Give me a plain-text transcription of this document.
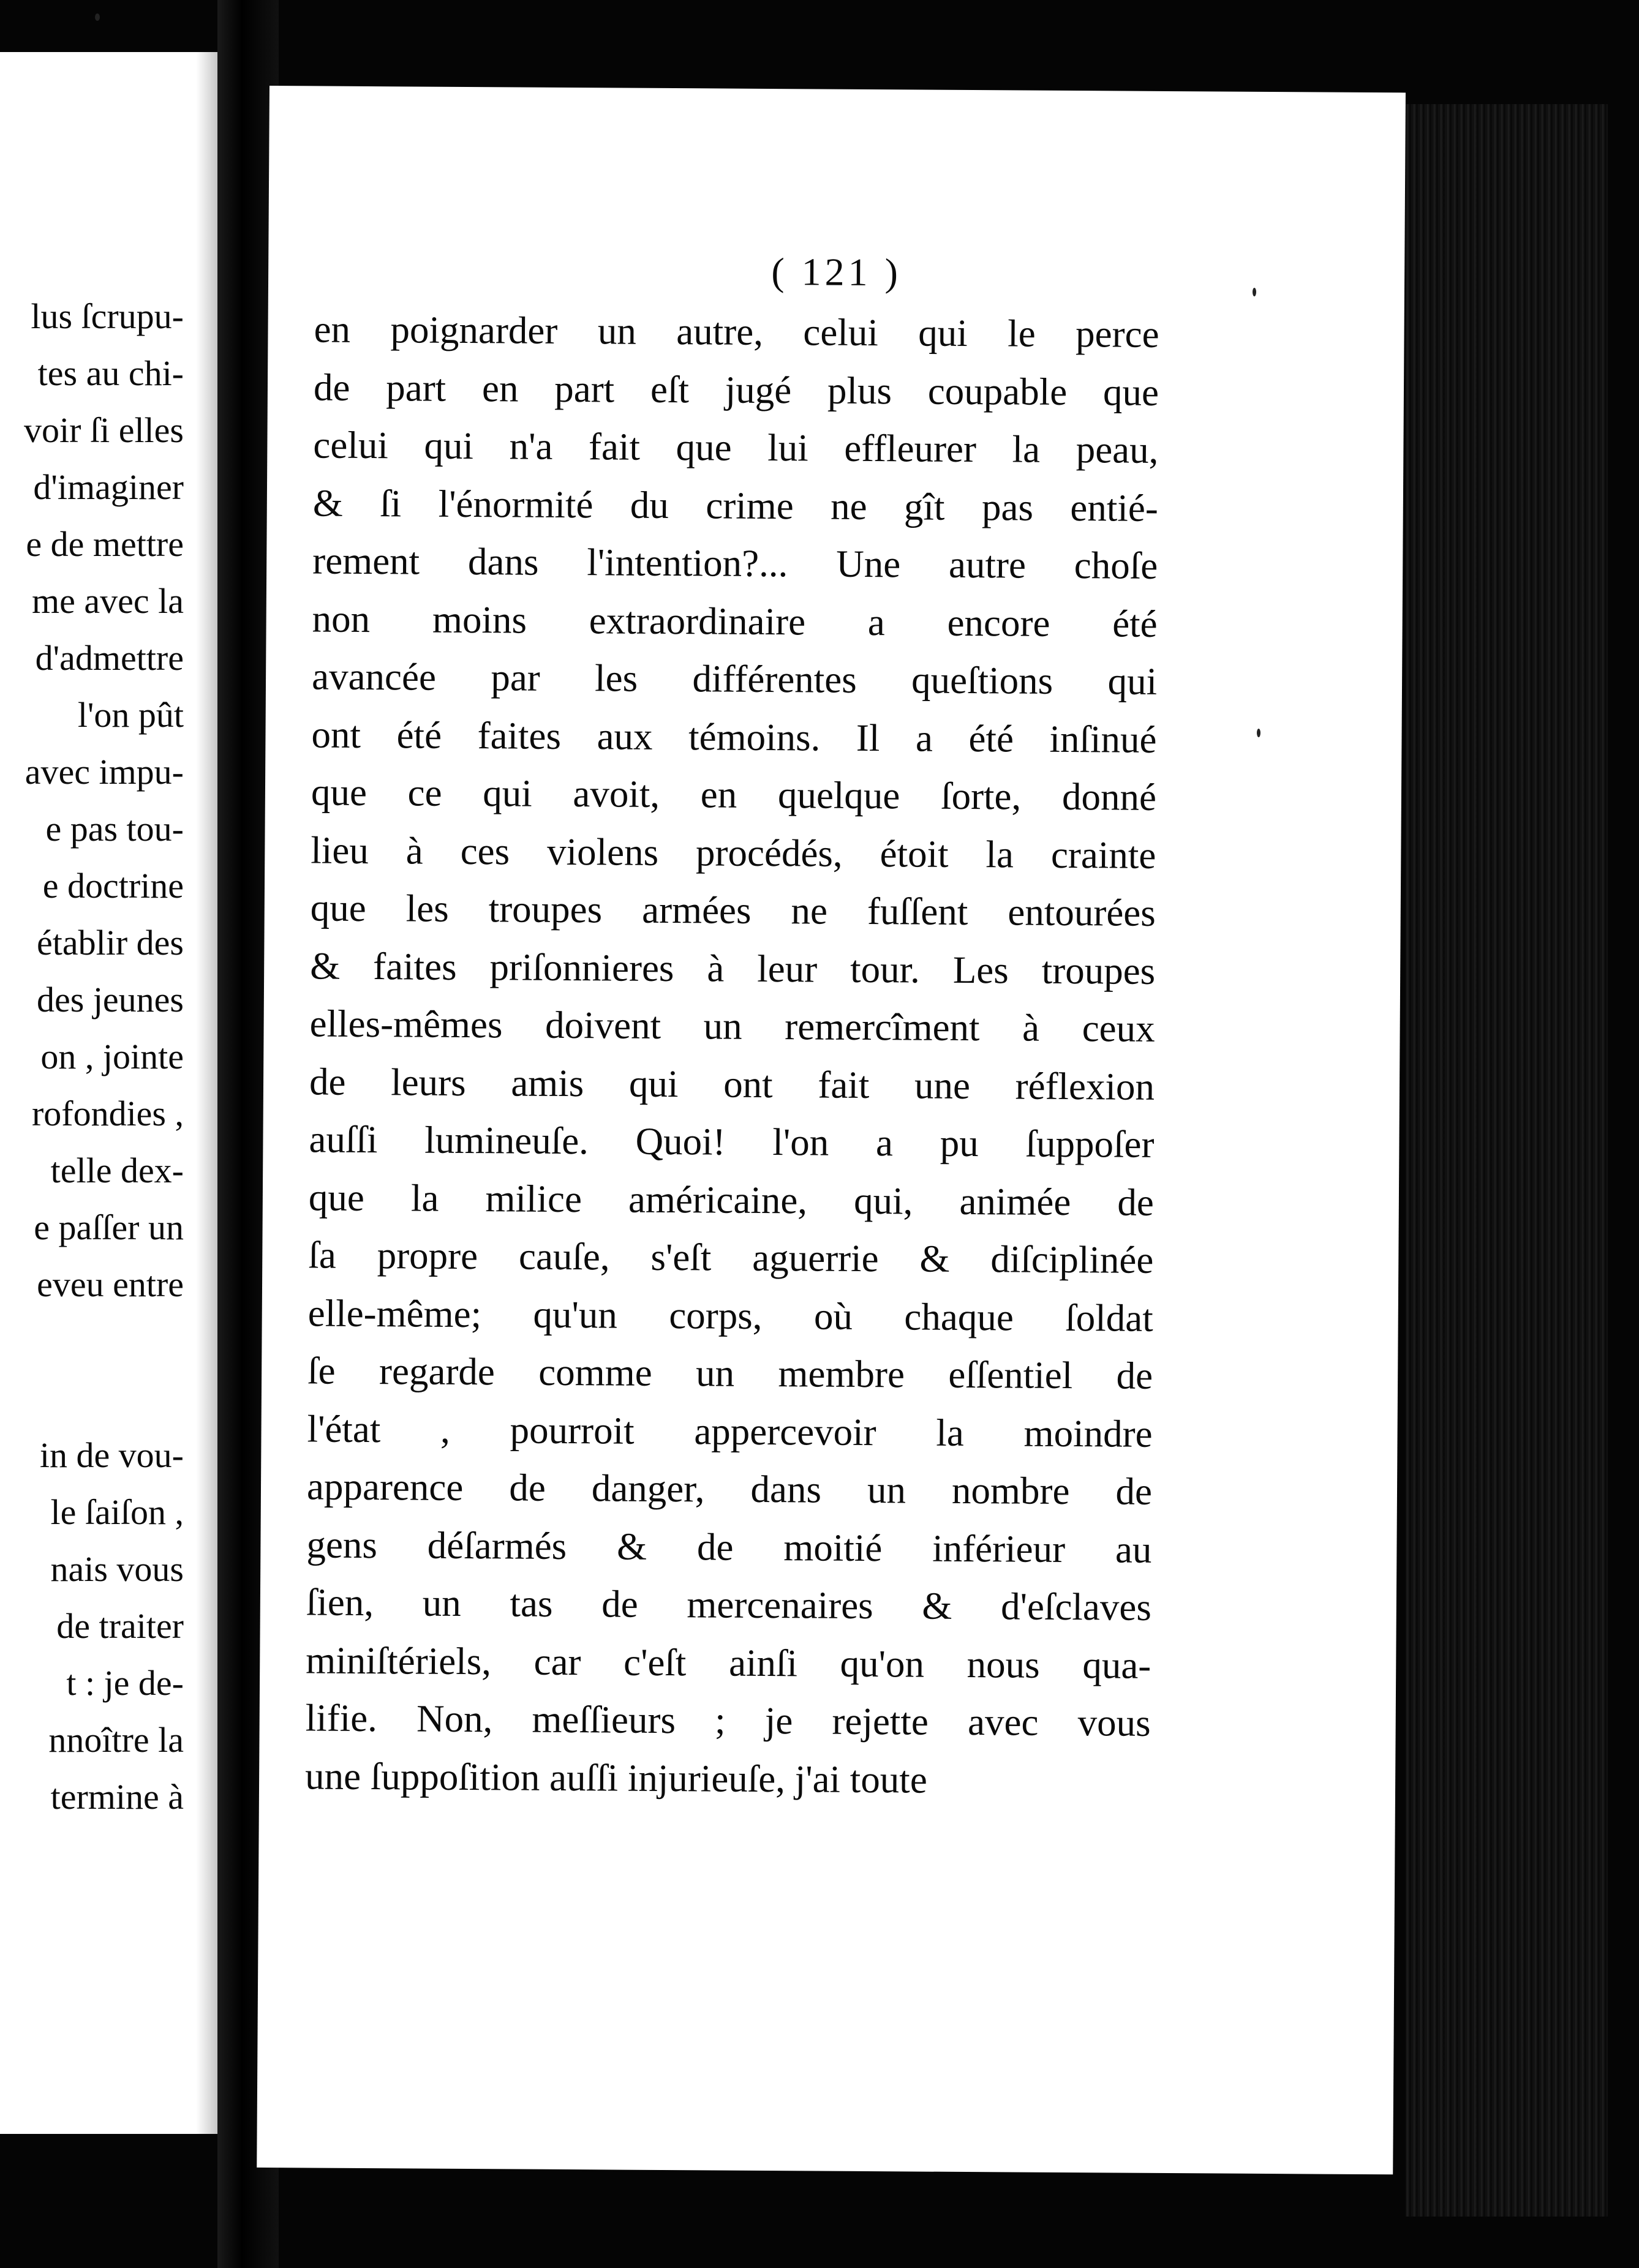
lus ſcrupu-
tes au chi-
voir ſi elles
d'imaginer
e de mettre
me avec la
d'admettre
l'on pût
avec impu-
e pas tou-
e doctrine
établir des
des jeunes
on , jointe
rofondies ,
telle dex-
e paſſer un
eveu entre
in de vou-
le ſaiſon ,
nais vous
de traiter
t : je de-
nnoître la
termine à
( 121 )
en poignarder un autre, celui qui le perce
de part en part eſt jugé plus coupable que
celui qui n'a fait que lui effleurer la peau,
& ſi l'énormité du crime ne gît pas entié-
rement dans l'intention?... Une autre choſe
non moins extraordinaire a encore été
avancée par les différentes queſtions qui
ont été faites aux témoins. Il a été inſinué
que ce qui avoit, en quelque ſorte, donné
lieu à ces violens procédés, étoit la crainte
que les troupes armées ne fuſſent entourées
& faites priſonnieres à leur tour. Les troupes
elles-mêmes doivent un remercîment à ceux
de leurs amis qui ont fait une réflexion
auſſi lumineuſe. Quoi! l'on a pu ſuppoſer
que la milice américaine, qui, animée de
ſa propre cauſe, s'eſt aguerrie & diſciplinée
elle-même; qu'un corps, où chaque ſoldat
ſe regarde comme un membre eſſentiel de
l'état , pourroit appercevoir la moindre
apparence de danger, dans un nombre de
gens déſarmés & de moitié inférieur au
ſien, un tas de mercenaires & d'eſclaves
miniſtériels, car c'eſt ainſi qu'on nous qua-
lifie. Non, meſſieurs ; je rejette avec vous
une ſuppoſition auſſi injurieuſe, j'ai toute
